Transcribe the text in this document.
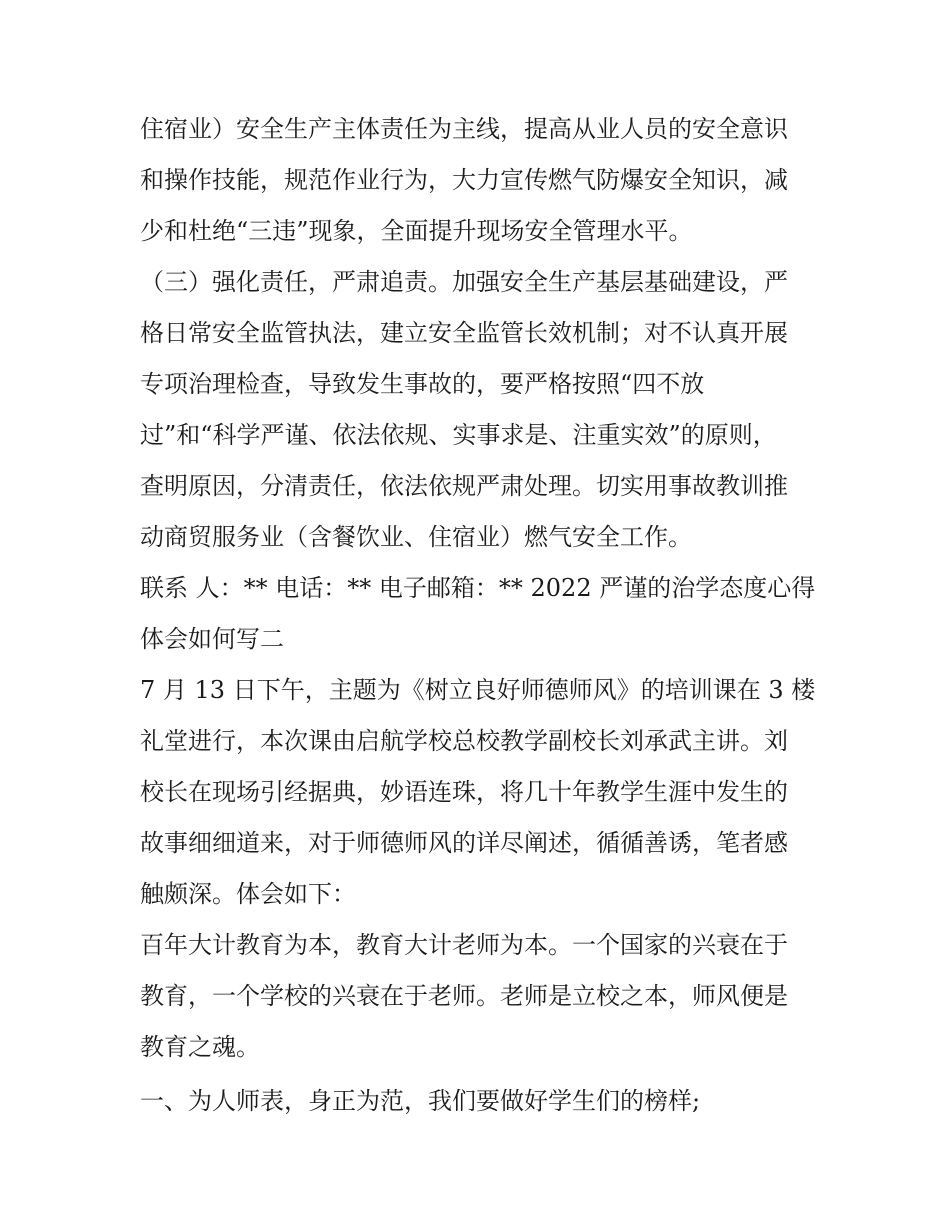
住宿业）安全生产主体责任为主线，提高从业人员的安全意识
和操作技能，规范作业行为，大力宣传燃气防爆安全知识，减
少和杜绝“三违”现象，全面提升现场安全管理水平。
（三）强化责任，严肃追责。加强安全生产基层基础建设，严
格日常安全监管执法，建立安全监管长效机制；对不认真开展
专项治理检查，导致发生事故的，要严格按照“四不放
过”和“科学严谨、依法依规、实事求是、注重实效”的原则，
查明原因，分清责任，依法依规严肃处理。切实用事故教训推
动商贸服务业（含餐饮业、住宿业）燃气安全工作。
联系 人：** 电话：** 电子邮箱：** 2022 严谨的治学态度心得
体会如何写二
7 月 13 日下午，主题为《树立良好师德师风》的培训课在 3 楼
礼堂进行，本次课由启航学校总校教学副校长刘承武主讲。刘
校长在现场引经据典，妙语连珠，将几十年教学生涯中发生的
故事细细道来，对于师德师风的详尽阐述，循循善诱，笔者感
触颇深。体会如下：
百年大计教育为本，教育大计老师为本。一个国家的兴衰在于
教育，一个学校的兴衰在于老师。老师是立校之本，师风便是
教育之魂。
一、为人师表，身正为范，我们要做好学生们的榜样;
